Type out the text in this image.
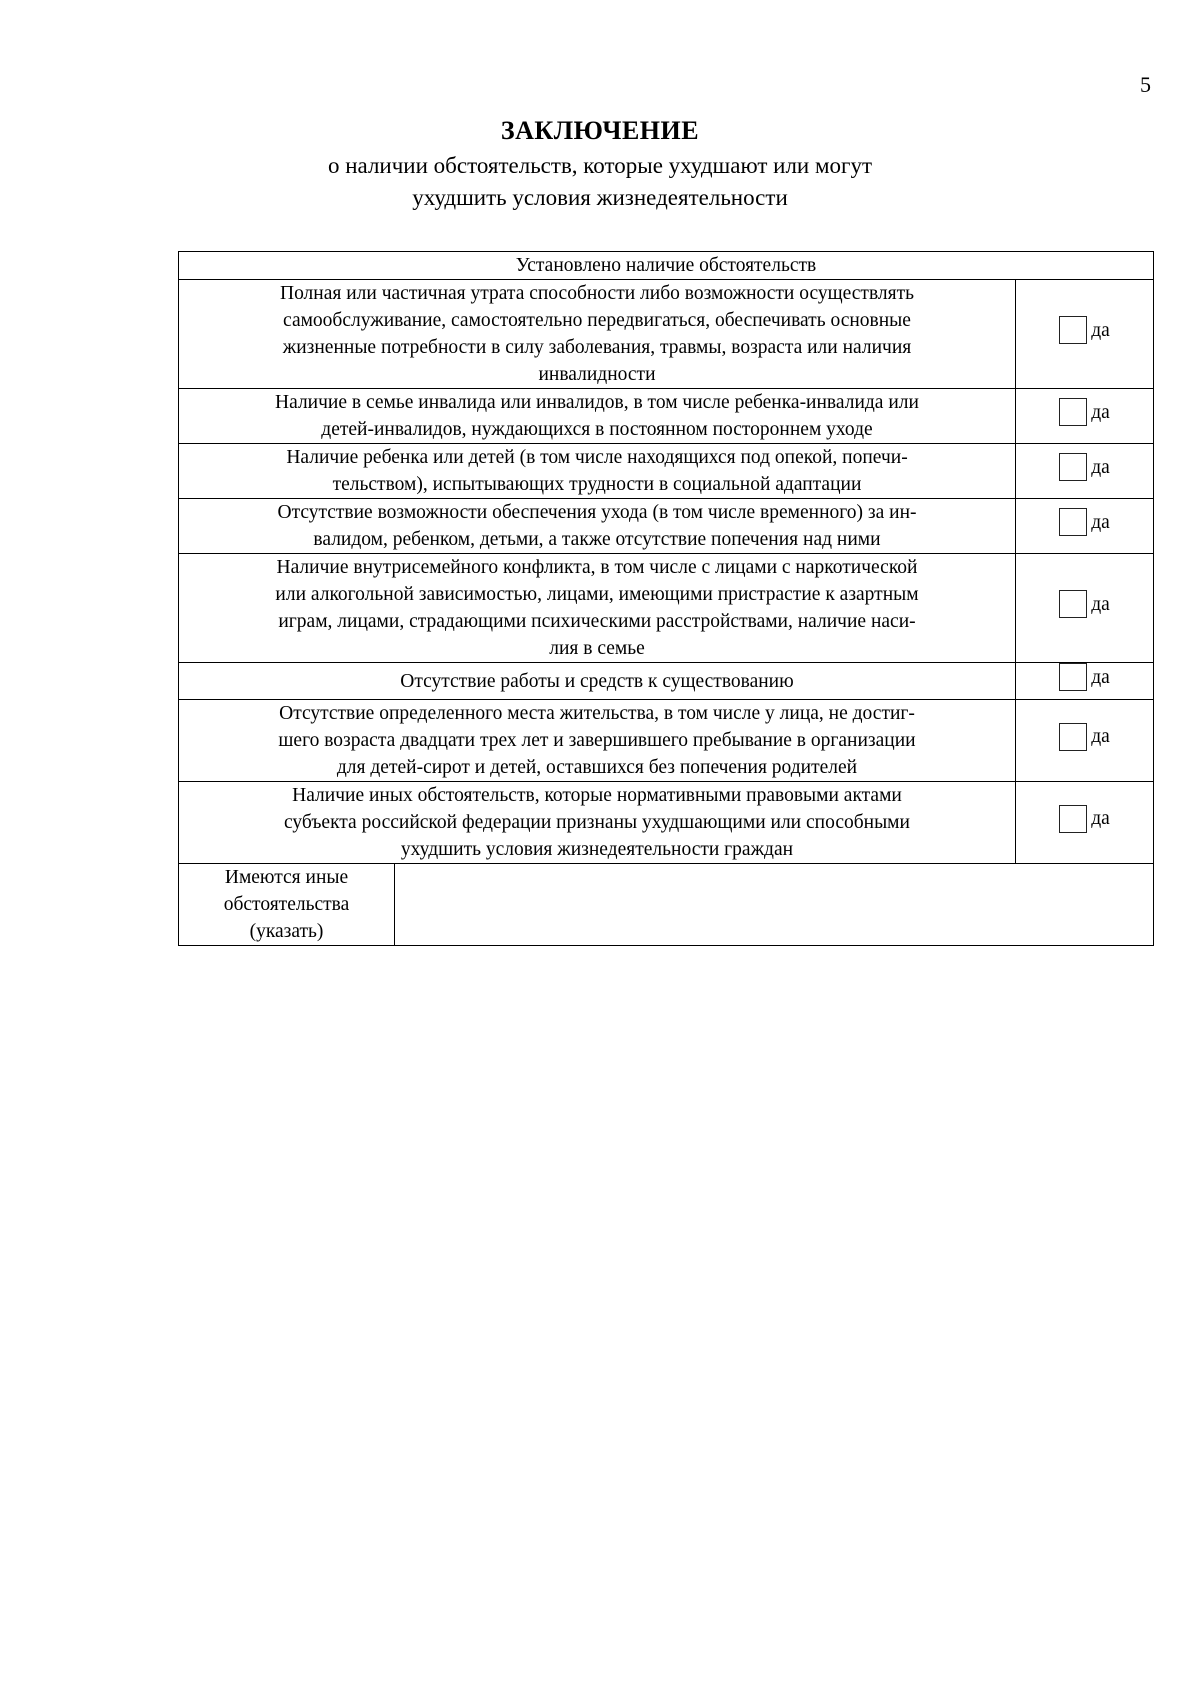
5
ЗАКЛЮЧЕНИЕ
о наличии обстоятельств, которые ухудшают или могут
ухудшить условия жизнедеятельности
Установлено наличие обстоятельств		

Полная или частичная утрата способности либо возможности осуществлять
самообслуживание, самостоятельно передвигаться, обеспечивать основные
жизненные потребности в силу заболевания, травмы, возраста или наличия
инвалидности		да

Наличие в семье инвалида или инвалидов, в том числе ребенка-инвалида или
детей-инвалидов, нуждающихся в постоянном постороннем уходе		да

Наличие ребенка или детей (в том числе находящихся под опекой, попечи-
тельством), испытывающих трудности в социальной адаптации		да

Отсутствие возможности обеспечения ухода (в том числе временного) за ин-
валидом, ребенком, детьми, а также отсутствие попечения над ними		да

Наличие внутрисемейного конфликта, в том числе с лицами с наркотической
или алкогольной зависимостью, лицами, имеющими пристрастие к азартным
играм, лицами, страдающими психическими расстройствами, наличие наси-
лия в семье		да

Отсутствие работы и средств к существованию		да

Отсутствие определенного места жительства, в том числе у лица, не достиг-
шего возраста двадцати трех лет и завершившего пребывание в организации
для детей-сирот и детей, оставшихся без попечения родителей		да

Наличие иных обстоятельств, которые нормативными правовыми актами
субъекта российской федерации признаны ухудшающими или способными
ухудшить условия жизнедеятельности граждан		да

Имеются иные
обстоятельства
(указать)		
